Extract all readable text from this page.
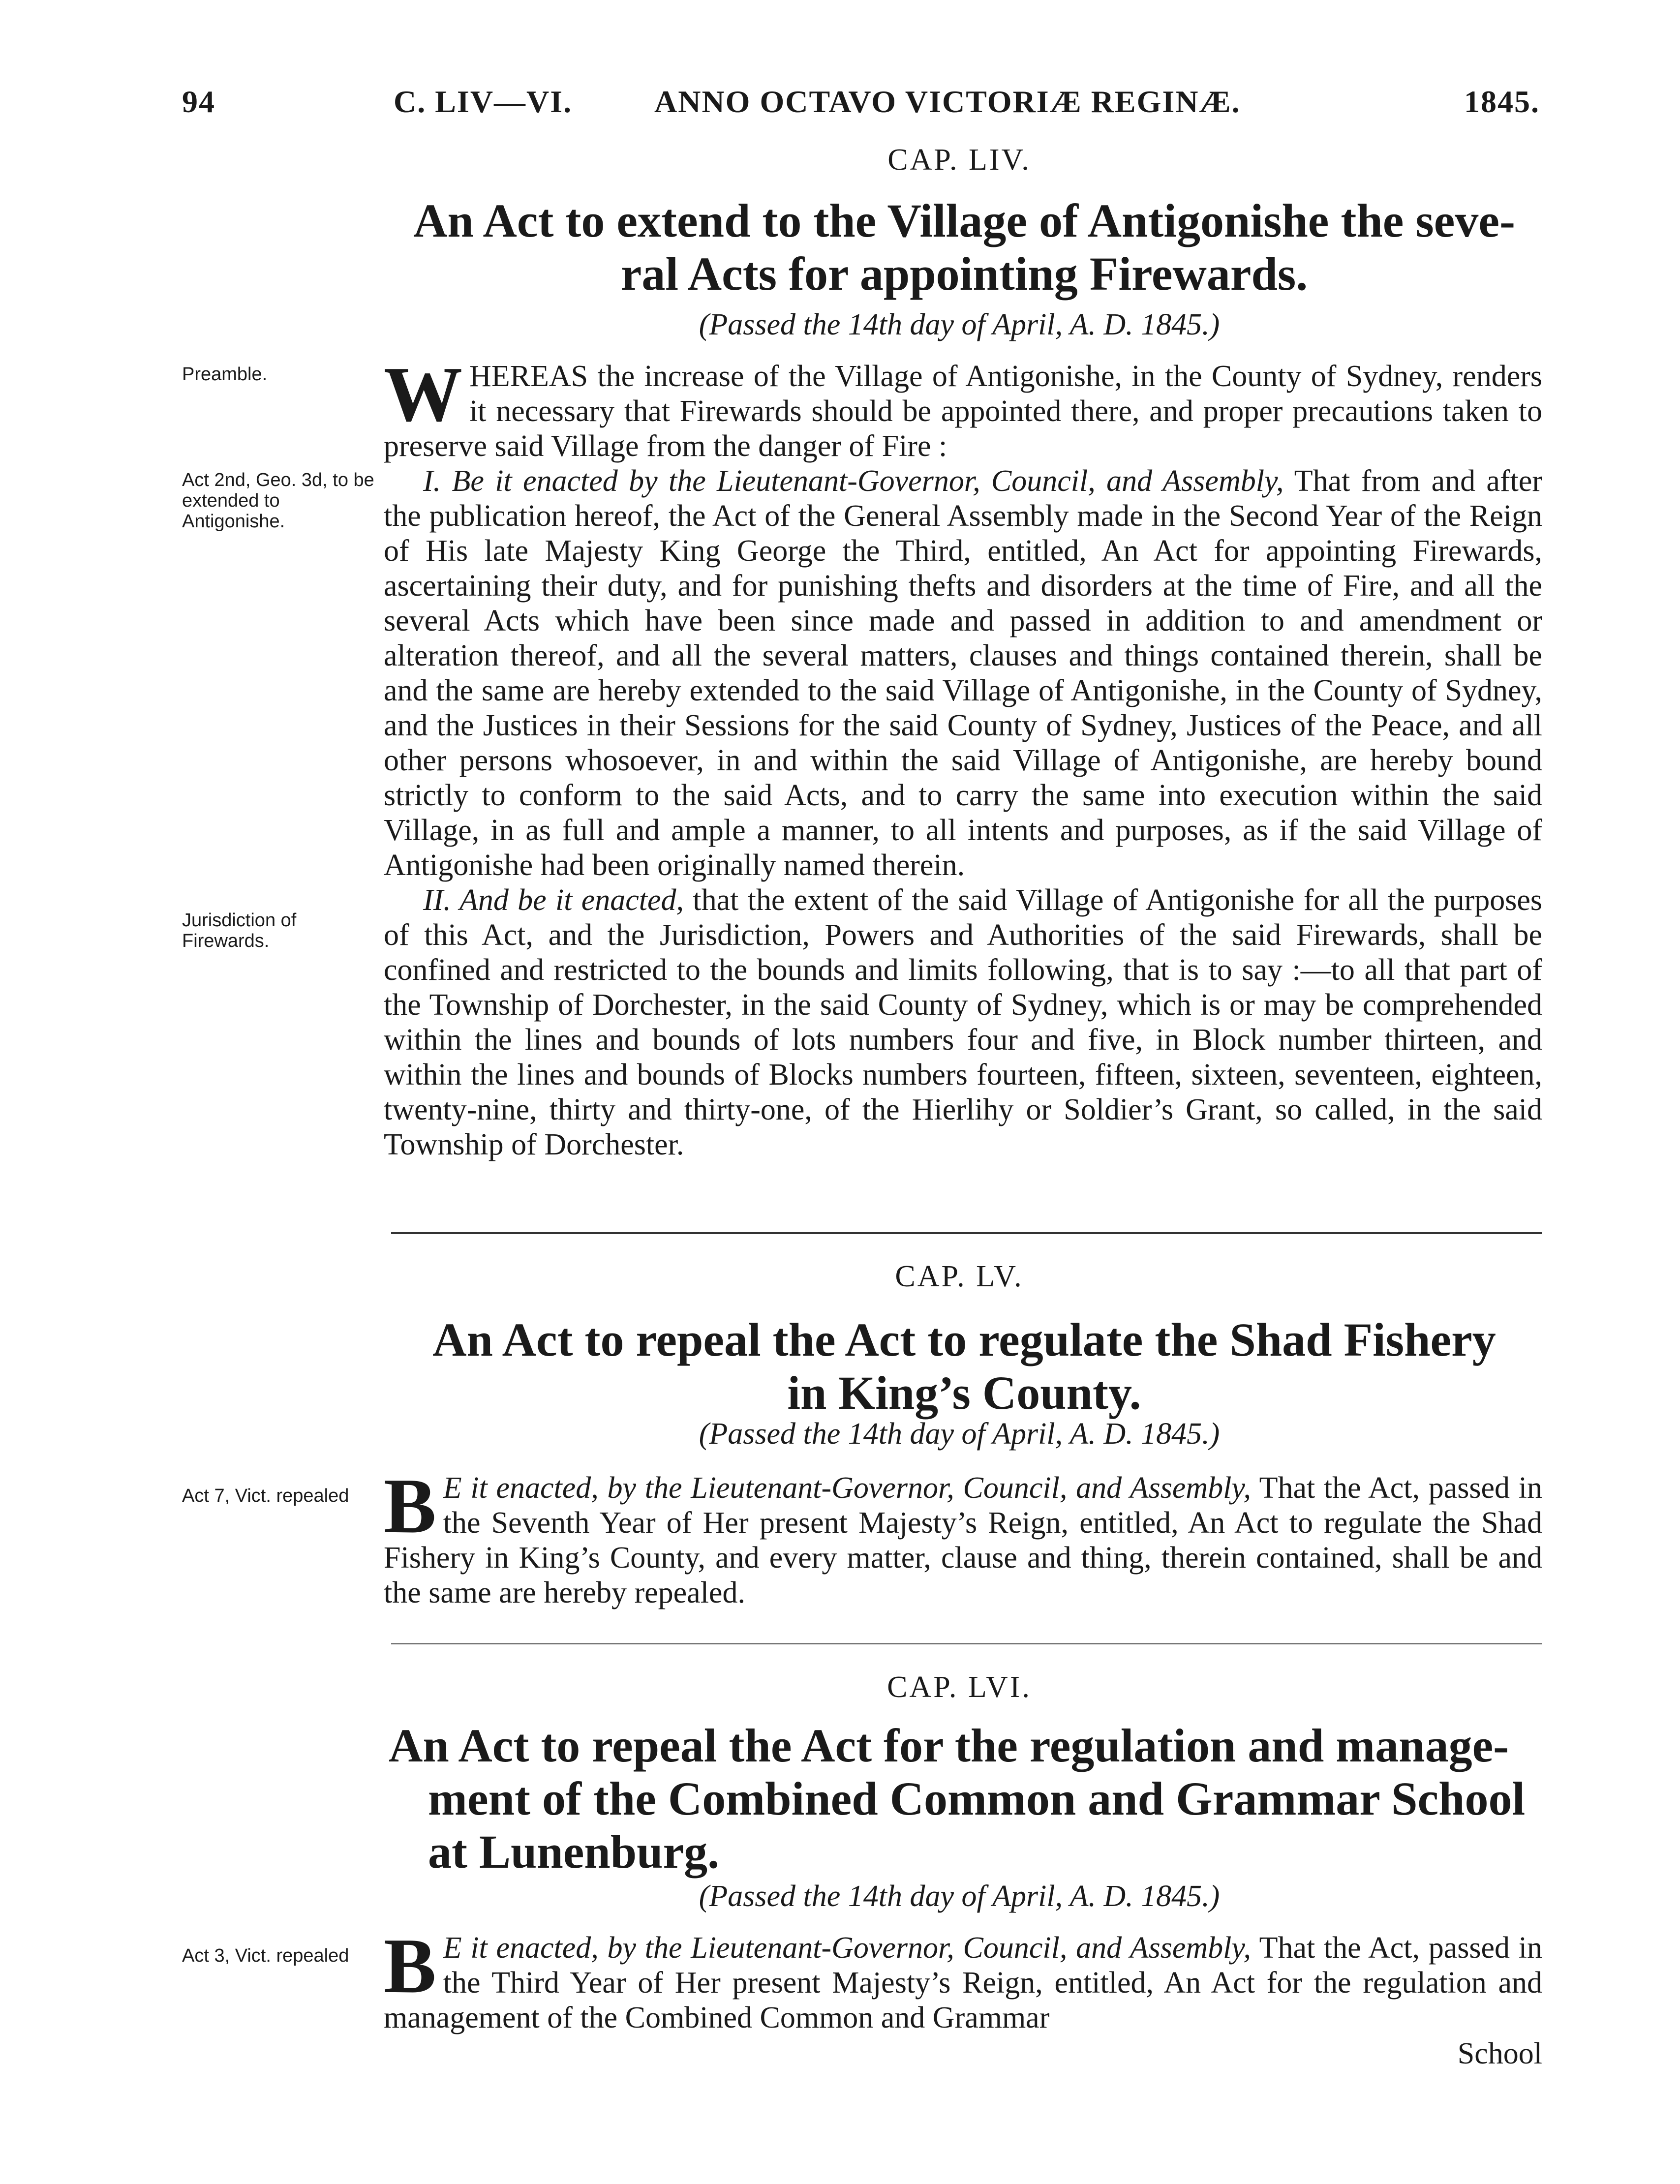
94	C. LIV—VI.	ANNO OCTAVO VICTORIÆ REGINÆ.	1845.
CAP. LIV.
An Act to extend to the Village of Antigonishe the seve-
ral Acts for appointing Firewards.
(Passed the 14th day of April, A. D. 1845.)
Preamble.
Act 2nd, Geo. 3d, to be extended to Antigonishe.
Jurisdiction of Firewards.

WHEREAS the increase of the Village of Antigonishe, in the County of Sydney, renders it necessary that Firewards should be appointed there, and proper precautions taken to preserve said Village from the danger of Fire :

I. Be it enacted by the Lieutenant-Governor, Council, and Assembly, That from and after the publication hereof, the Act of the General Assembly made in the Second Year of the Reign of His late Majesty King George the Third, entitled, An Act for appointing Firewards, ascertaining their duty, and for punishing thefts and disorders at the time of Fire, and all the several Acts which have been since made and passed in addition to and amendment or alteration thereof, and all the several matters, clauses and things contained therein, shall be and the same are hereby extended to the said Village of Antigonishe, in the County of Sydney, and the Justices in their Sessions for the said County of Sydney, Justices of the Peace, and all other persons whosoever, in and within the said Village of Antigonishe, are hereby bound strictly to conform to the said Acts, and to carry the same into execution within the said Village, in as full and ample a manner, to all intents and purposes, as if the said Village of Antigonishe had been originally named therein.

II. And be it enacted, that the extent of the said Village of Antigonishe for all the purposes of this Act, and the Jurisdiction, Powers and Authorities of the said Firewards, shall be confined and restricted to the bounds and limits following, that is to say :—to all that part of the Township of Dorchester, in the said County of Sydney, which is or may be comprehended within the lines and bounds of lots numbers four and five, in Block number thirteen, and within the lines and bounds of Blocks numbers fourteen, fifteen, sixteen, seventeen, eighteen, twenty-nine, thirty and thirty-one, of the Hierlihy or Soldier’s Grant, so called, in the said Township of Dorchester.

CAP. LV.
An Act to repeal the Act to regulate the Shad Fishery
in King’s County.
(Passed the 14th day of April, A. D. 1845.)
Act 7, Vict. repealed B E it enacted, by the Lieutenant-Governor, Council, and Assembly, That the Act, passed in the Seventh Year of Her present Majesty’s Reign, entitled, An Act to regulate the Shad Fishery in King’s County, and every matter, clause and thing, therein contained, shall be and the same are hereby repealed.

CAP. LVI.
An Act to repeal the Act for the regulation and manage-
ment of the Combined Common and Grammar School
at Lunenburg.
(Passed the 14th day of April, A. D. 1845.)
Act 3, Vict. repealed B E it enacted, by the Lieutenant-Governor, Council, and Assembly, That the Act, passed in the Third Year of Her present Majesty’s Reign, entitled, An Act for the regulation and management of the Combined Common and Grammar

School
